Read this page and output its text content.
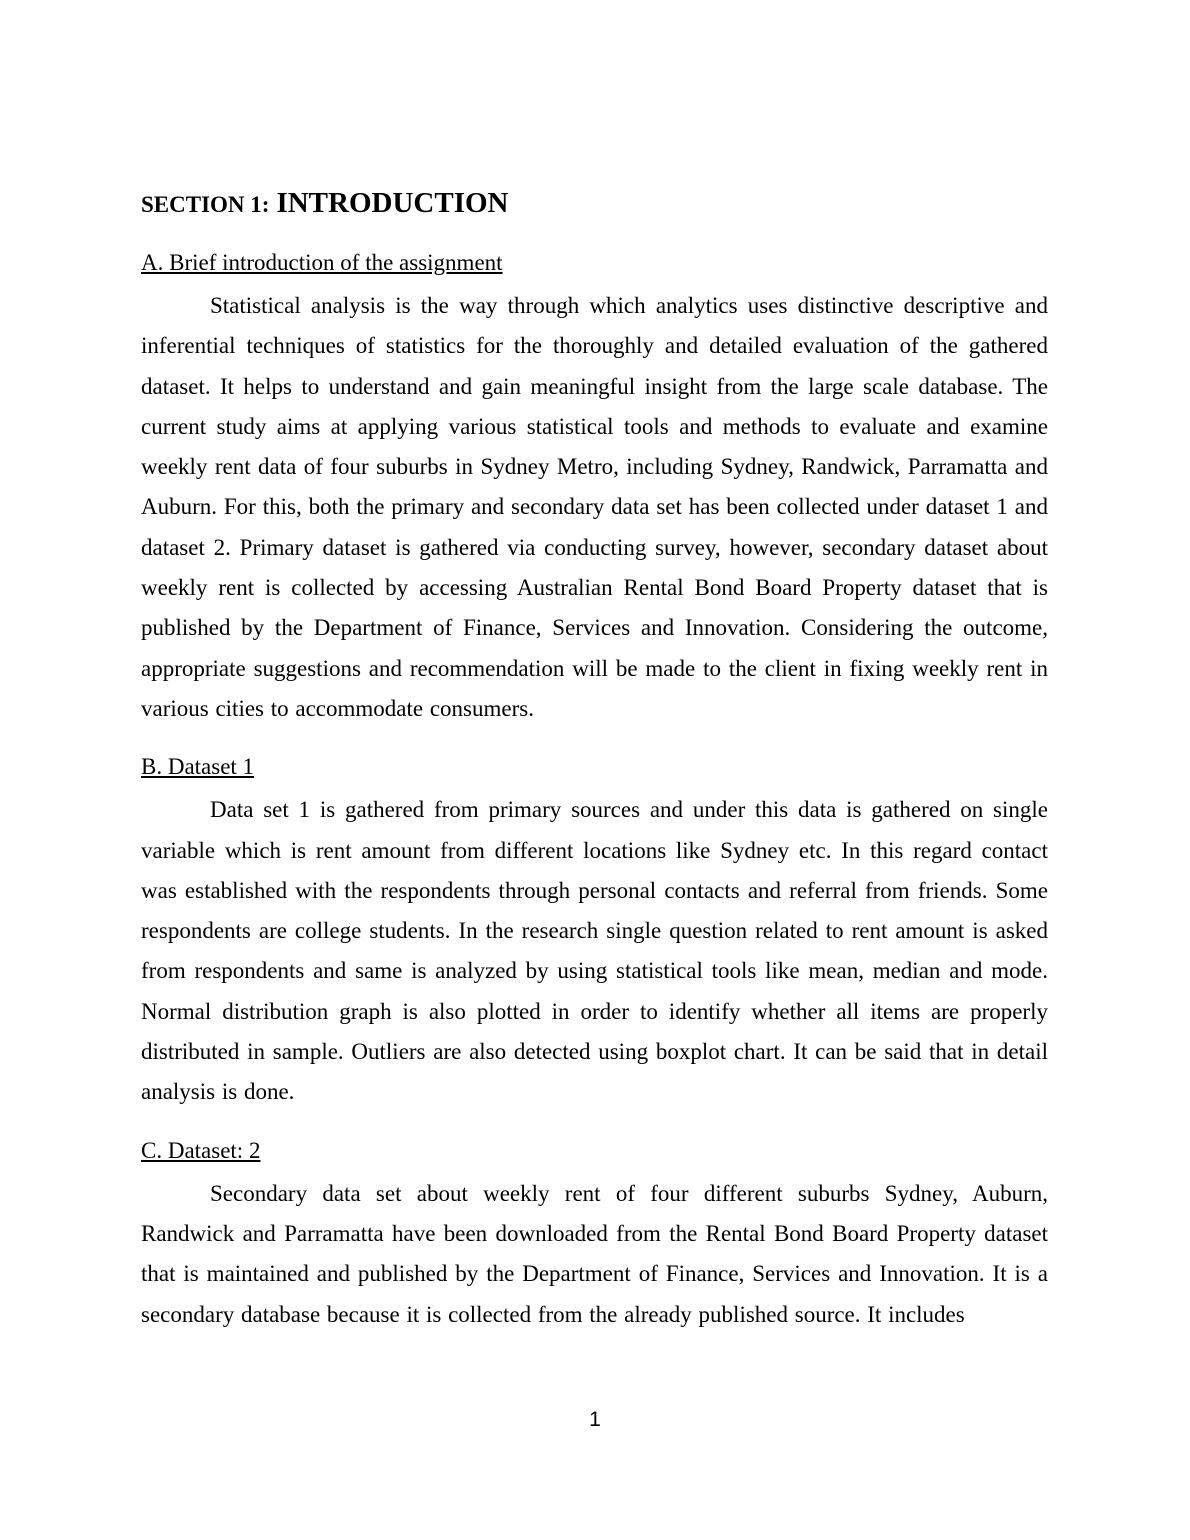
SECTION 1: INTRODUCTION
A. Brief introduction of the assignment

Statistical analysis is the way through which analytics uses distinctive descriptive and inferential techniques of statistics for the thoroughly and detailed evaluation of the gathered dataset. It helps to understand and gain meaningful insight from the large scale database. The current study aims at applying various statistical tools and methods to evaluate and examine weekly rent data of four suburbs in Sydney Metro, including Sydney, Randwick, Parramatta and Auburn. For this, both the primary and secondary data set has been collected under dataset 1 and dataset 2. Primary dataset is gathered via conducting survey, however, secondary dataset about weekly rent is collected by accessing Australian Rental Bond Board Property dataset that is published by the Department of Finance, Services and Innovation. Considering the outcome, appropriate suggestions and recommendation will be made to the client in fixing weekly rent in various cities to accommodate consumers.

B. Dataset 1

Data set 1 is gathered from primary sources and under this data is gathered on single variable which is rent amount from different locations like Sydney etc. In this regard contact was established with the respondents through personal contacts and referral from friends. Some respondents are college students. In the research single question related to rent amount is asked from respondents and same is analyzed by using statistical tools like mean, median and mode. Normal distribution graph is also plotted in order to identify whether all items are properly distributed in sample. Outliers are also detected using boxplot chart. It can be said that in detail analysis is done.

C. Dataset: 2

Secondary data set about weekly rent of four different suburbs Sydney, Auburn, Randwick and Parramatta have been downloaded from the Rental Bond Board Property dataset that is maintained and published by the Department of Finance, Services and Innovation. It is a secondary database because it is collected from the already published source. It includes

1
